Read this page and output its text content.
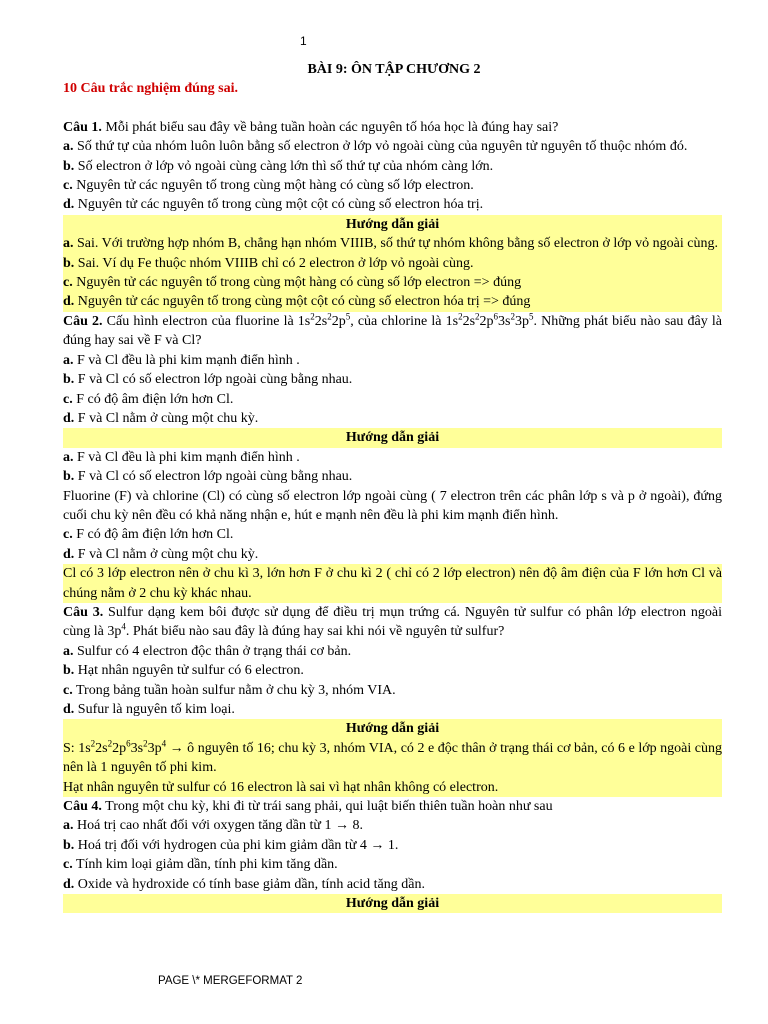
1
BÀI 9: ÔN TẬP CHƯƠNG 2
10 Câu trắc nghiệm đúng sai.
Câu 1. Mỗi phát biểu sau đây về bảng tuần hoàn các nguyên tố hóa học là đúng hay sai?
a. Số thứ tự của nhóm luôn luôn bằng số electron ở lớp vỏ ngoài cùng của nguyên tử nguyên tố thuộc nhóm đó.
b. Số electron ở lớp vỏ ngoài cùng càng lớn thì số thứ tự của nhóm càng lớn.
c. Nguyên tử các nguyên tố trong cùng một hàng có cùng số lớp electron.
d. Nguyên tử các nguyên tố trong cùng một cột có cùng số electron hóa trị.
Hướng dẫn giải
a. Sai. Với trường hợp nhóm B, chẳng hạn nhóm VIIIB, số thứ tự nhóm không bằng số electron ở lớp vỏ ngoài cùng.
b. Sai. Ví dụ Fe thuộc nhóm VIIIB chỉ có 2 electron ở lớp vỏ ngoài cùng.
c. Nguyên tử các nguyên tố trong cùng một hàng có cùng số lớp electron => đúng
d. Nguyên tử các nguyên tố trong cùng một cột có cùng số electron hóa trị => đúng
Câu 2. Cấu hình electron của fluorine là $1s^22s^22p^5$, của chlorine là $1s^22s^22p^63s^23p^5$. Những phát biểu nào sau đây là đúng hay sai về F và Cl?
a. F và Cl đều là phi kim mạnh điển hình .
b. F và Cl có số electron lớp ngoài cùng bằng nhau.
c. F có độ âm điện lớn hơn Cl.
d. F và Cl nằm ở cùng một chu kỳ.
Hướng dẫn giải
a. F và Cl đều là phi kim mạnh điển hình .
b. F và Cl có số electron lớp ngoài cùng bằng nhau.
Fluorine (F) và chlorine (Cl) có cùng số electron lớp ngoài cùng ( 7 electron trên các phân lớp s và p ở ngoài), đứng cuối chu kỳ nên đều có khả năng nhận e, hút e mạnh nên đều là phi kim mạnh điển hình.
c. F có độ âm điện lớn hơn Cl.
d. F và Cl nằm ở cùng một chu kỳ.
Cl có 3 lớp electron nên ở chu kì 3, lớn hơn F ở chu kì 2 ( chỉ có 2 lớp electron) nên độ âm điện của F lớn hơn Cl và chúng nằm ở 2 chu kỳ khác nhau.
Câu 3. Sulfur dạng kem bôi được sử dụng để điều trị mụn trứng cá. Nguyên tử sulfur có phân lớp electron ngoài cùng là $3p^4$. Phát biểu nào sau đây là đúng hay sai khi nói về nguyên tử sulfur?
a. Sulfur có 4 electron độc thân ở trạng thái cơ bản.
b. Hạt nhân nguyên tử sulfur có 6 electron.
c. Trong bảng tuần hoàn sulfur nằm ở chu kỳ 3, nhóm VIA.
d. Sufur là nguyên tố kim loại.
Hướng dẫn giải
S: $1s^22s^22p^63s^23p^4$ → ô nguyên tố 16; chu kỳ 3, nhóm VIA, có 2 e độc thân ở trạng thái cơ bản, có 6 e lớp ngoài cùng nên là 1 nguyên tố phi kim.
Hạt nhân nguyên tử sulfur có 16 electron là sai vì hạt nhân không có electron.
Câu 4. Trong một chu kỳ, khi đi từ trái sang phải, qui luật biến thiên tuần hoàn như sau
a. Hoá trị cao nhất đối với oxygen tăng dần từ 1 → 8.
b. Hoá trị đối với hydrogen của phi kim giảm dần từ 4 → 1.
c. Tính kim loại giảm dần, tính phi kim tăng dần.
d. Oxide và hydroxide có tính base giảm dần, tính acid tăng dần.
Hướng dẫn giải
PAGE \* MERGEFORMAT 2
